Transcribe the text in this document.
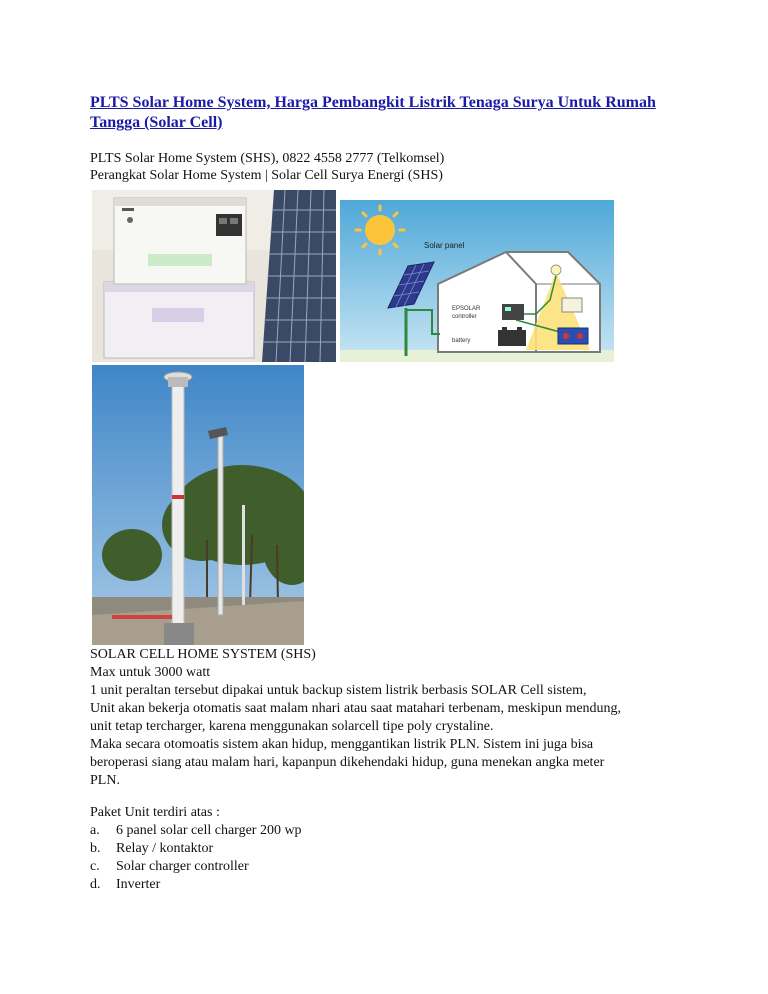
PLTS Solar Home System, Harga Pembangkit Listrik Tenaga Surya Untuk Rumah Tangga (Solar Cell)
PLTS Solar Home System (SHS), 0822 4558 2777 (Telkomsel)
Perangkat Solar Home System | Solar Cell Surya Energi (SHS)
Solar panel
EPSOLAR
controller
battery
SOLAR CELL HOME SYSTEM (SHS)
Max untuk 3000 watt
1 unit peraltan tersebut dipakai untuk backup sistem listrik berbasis SOLAR Cell sistem,
Unit akan bekerja otomatis saat malam nhari atau saat matahari terbenam, meskipun mendung,
unit tetap tercharger, karena menggunakan solarcell tipe poly crystaline.
Maka secara otomoatis sistem akan hidup, menggantikan listrik PLN. Sistem ini juga bisa
beroperasi siang atau malam hari, kapanpun dikehendaki hidup, guna menekan angka meter
PLN.
Paket Unit terdiri atas :
a. 6 panel solar cell charger 200 wp
b. Relay / kontaktor
c. Solar charger controller
d. Inverter
